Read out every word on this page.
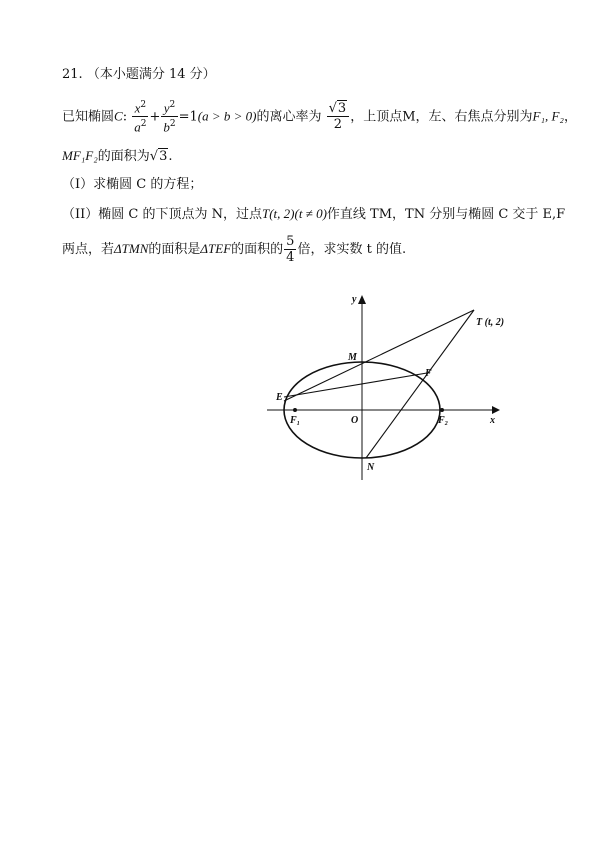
21. （本小题满分 14 分）
已知椭圆C: $\frac{x^2}{a^2} + \frac{y^2}{b^2} =1(a > b > 0)$的离心率为 $\frac{√3}{2}$ ，上顶点M，左、右焦点分别为F₁, F₂，
MF₁F₂的面积为√3.
（I）求椭圆 C 的方程；
（II）椭圆 C 的下顶点为 N，过点T(t, 2)(t ≠ 0)作直线 TM，TN 分别与椭圆 C 交于 E,F
两点，若ΔTMN的面积是ΔTEF的面积的 $\frac{5}{4}$ 倍，求实数 t 的值.
y
x
O
M
N
E
F
F₁	F₂
T (t, 2)
